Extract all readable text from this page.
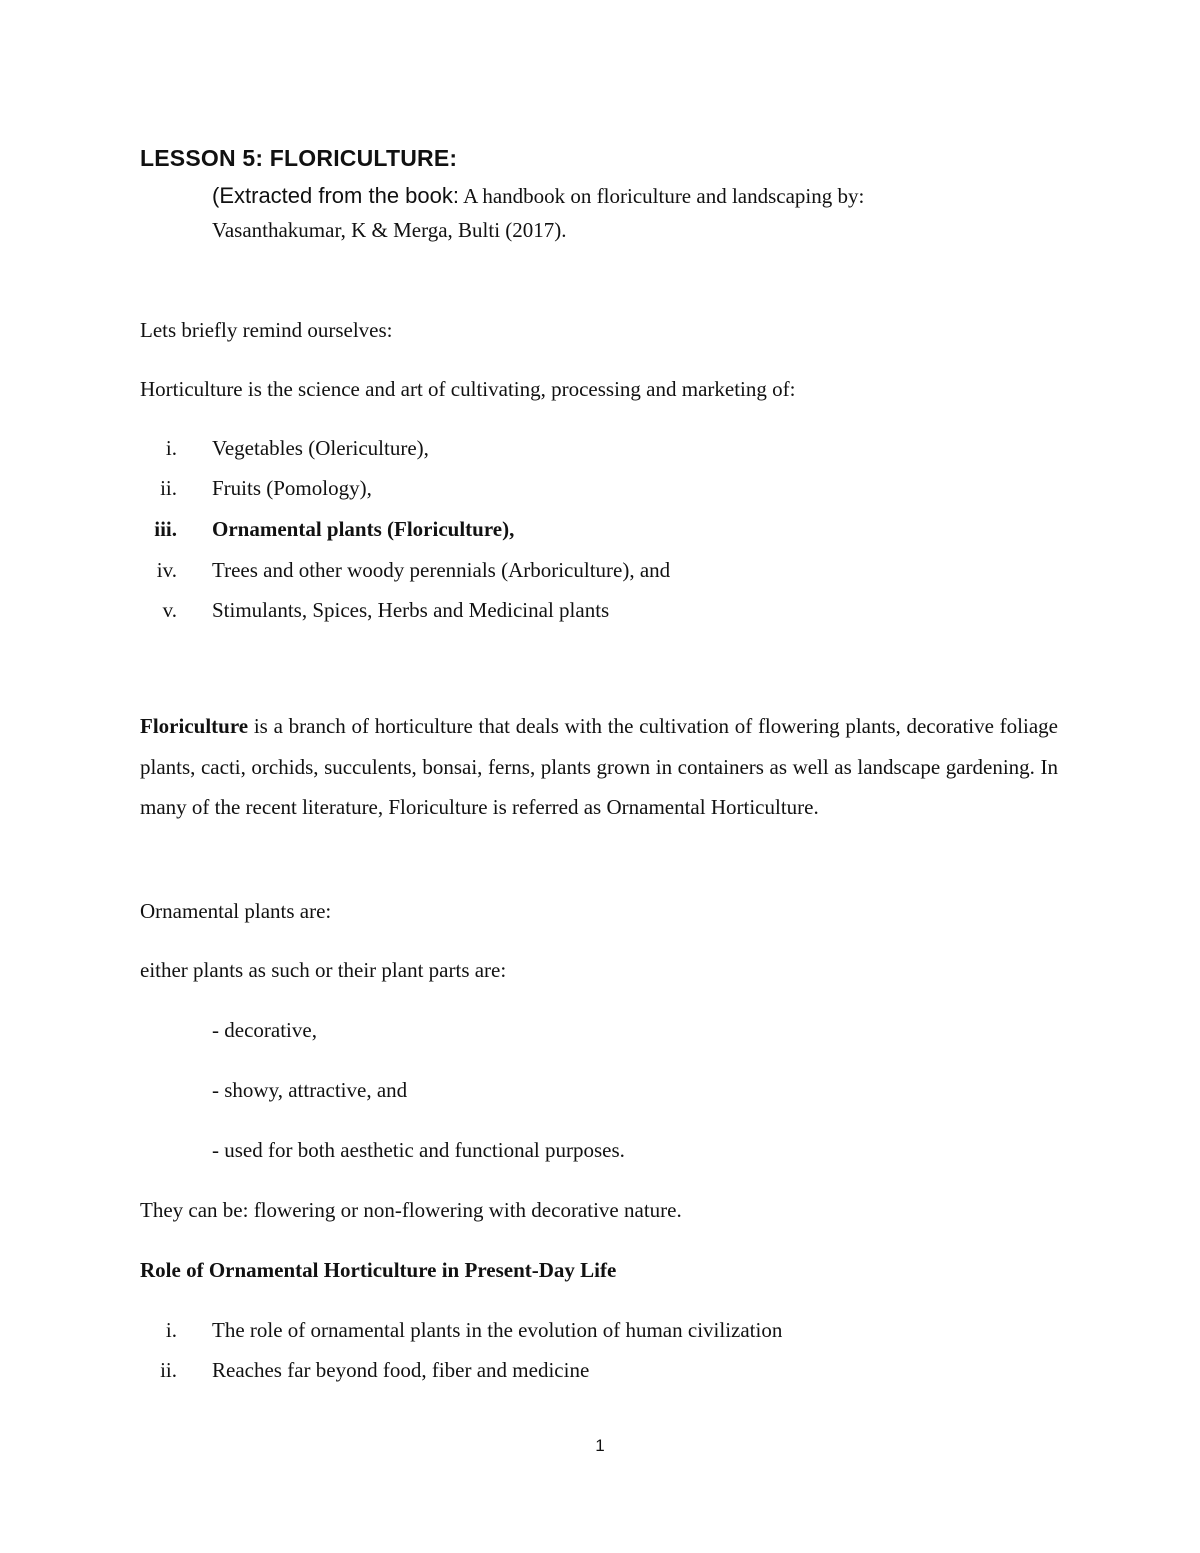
LESSON 5: FLORICULTURE:
(Extracted from the book: A handbook on floriculture and landscaping by:
Vasanthakumar, K & Merga, Bulti (2017).
Lets briefly remind ourselves:
Horticulture is the science and art of cultivating, processing and marketing of:
i. Vegetables (Olericulture),
ii. Fruits (Pomology),
iii. Ornamental plants (Floriculture),
iv. Trees and other woody perennials (Arboriculture), and
v. Stimulants, Spices, Herbs and Medicinal plants
Floriculture is a branch of horticulture that deals with the cultivation of flowering plants, decorative foliage plants, cacti, orchids, succulents, bonsai, ferns, plants grown in containers as well as landscape gardening. In many of the recent literature, Floriculture is referred as Ornamental Horticulture.
Ornamental plants are:
either plants as such or their plant parts are:
- decorative,
- showy, attractive, and
- used for both aesthetic and functional purposes.
They can be: flowering or non-flowering with decorative nature.
Role of Ornamental Horticulture in Present-Day Life
i. The role of ornamental plants in the evolution of human civilization
ii. Reaches far beyond food, fiber and medicine
1
